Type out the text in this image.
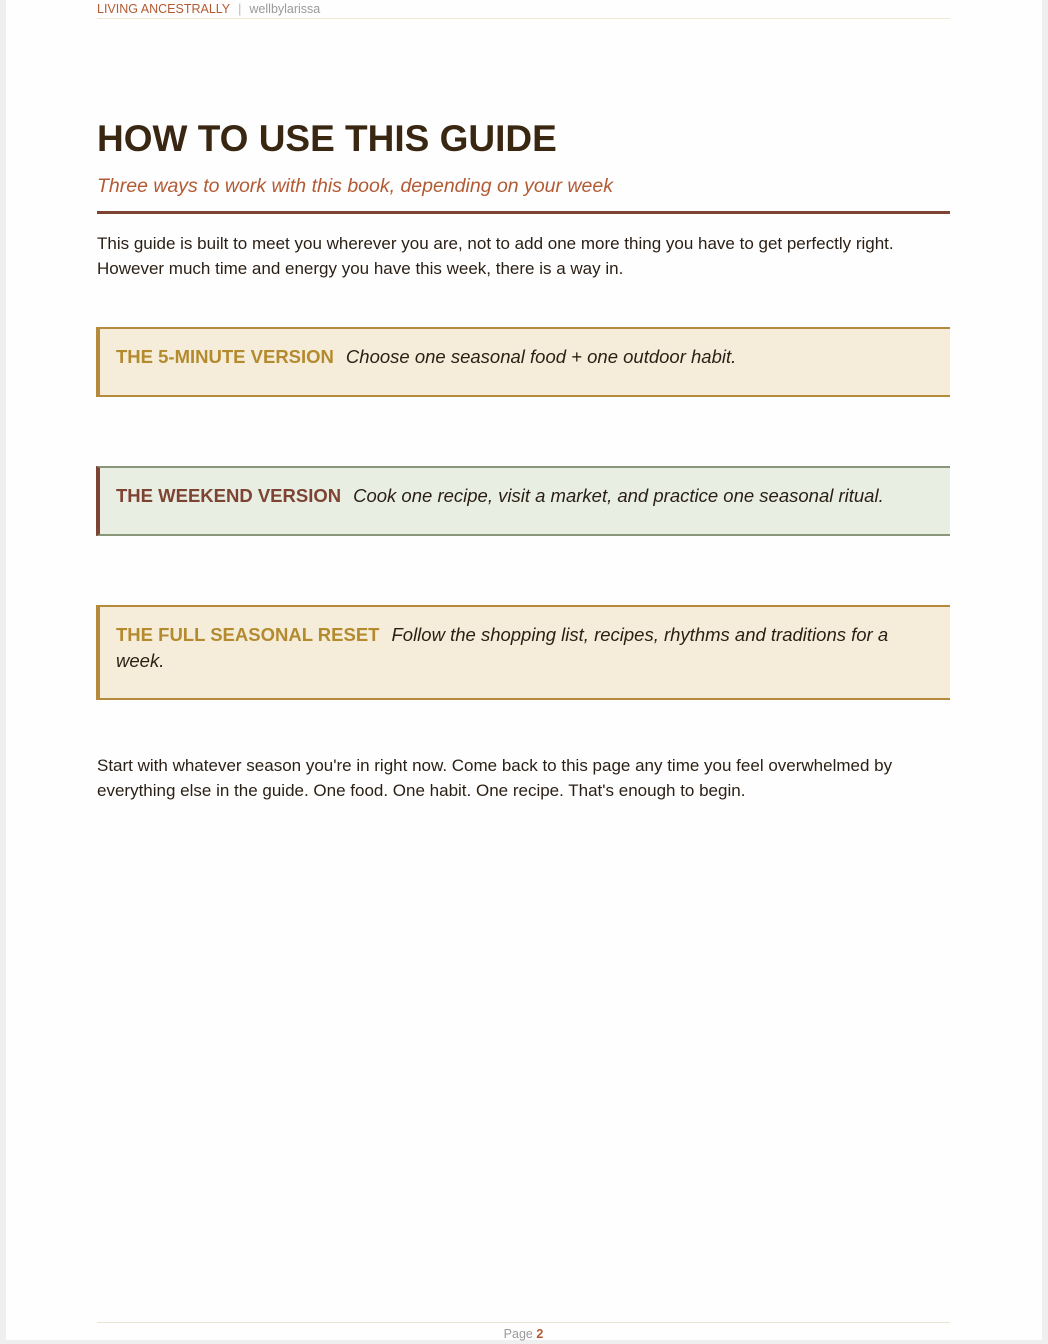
LIVING ANCESTRALLY | wellbylarissa
HOW TO USE THIS GUIDE

Three ways to work with this book, depending on your week

This guide is built to meet you wherever you are, not to add one more thing you have to get perfectly right. However much time and energy you have this week, there is a way in.

THE 5-MINUTE VERSION Choose one seasonal food + one outdoor habit.
THE WEEKEND VERSION Cook one recipe, visit a market, and practice one seasonal ritual.
THE FULL SEASONAL RESET Follow the shopping list, recipes, rhythms and traditions for a week.

Start with whatever season you're in right now. Come back to this page any time you feel overwhelmed by everything else in the guide. One food. One habit. One recipe. That's enough to begin.

Page 2
